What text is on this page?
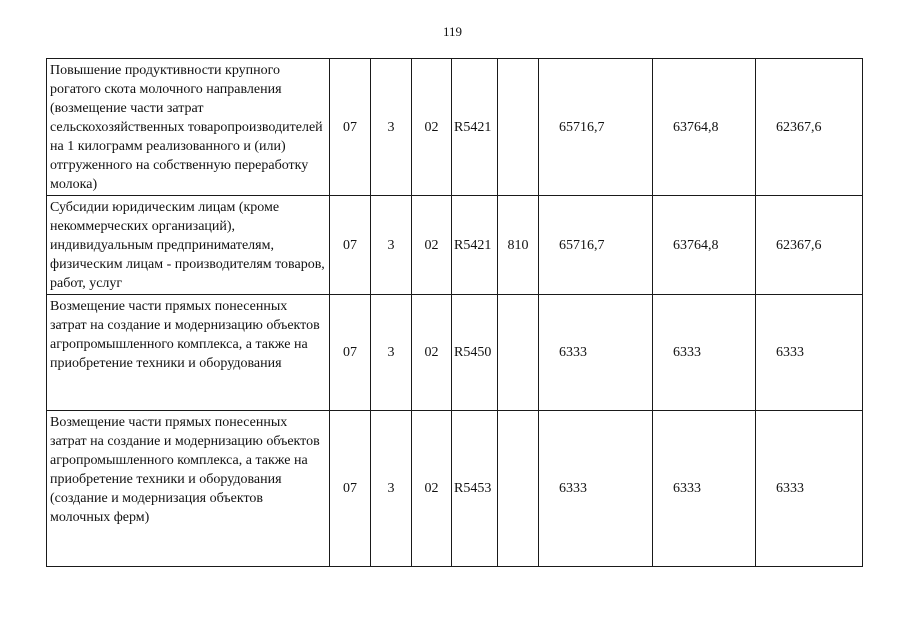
119
Повышение продуктивности крупного рогатого скота молочного направления (возмещение части затрат сельскохозяйственных товаропроизводителей на 1 килограмм реализованного и (или) отгруженного на собственную переработку молока)	07	3	02	R5421		65716,7	63764,8	62367,6
Субсидии юридическим лицам (кроме некоммерческих организаций), индивидуальным предпринимателям, физическим лицам - производителям товаров, работ, услуг	07	3	02	R5421	810	65716,7	63764,8	62367,6
Возмещение части прямых понесенных затрат на создание и модернизацию объектов агропромышленного комплекса, а также на приобретение техники и оборудования	07	3	02	R5450		6333	6333	6333
Возмещение части прямых понесенных затрат на создание и модернизацию объектов агропромышленного комплекса, а также на приобретение техники и оборудования (создание и модернизация объектов молочных ферм)	07	3	02	R5453		6333	6333	6333
